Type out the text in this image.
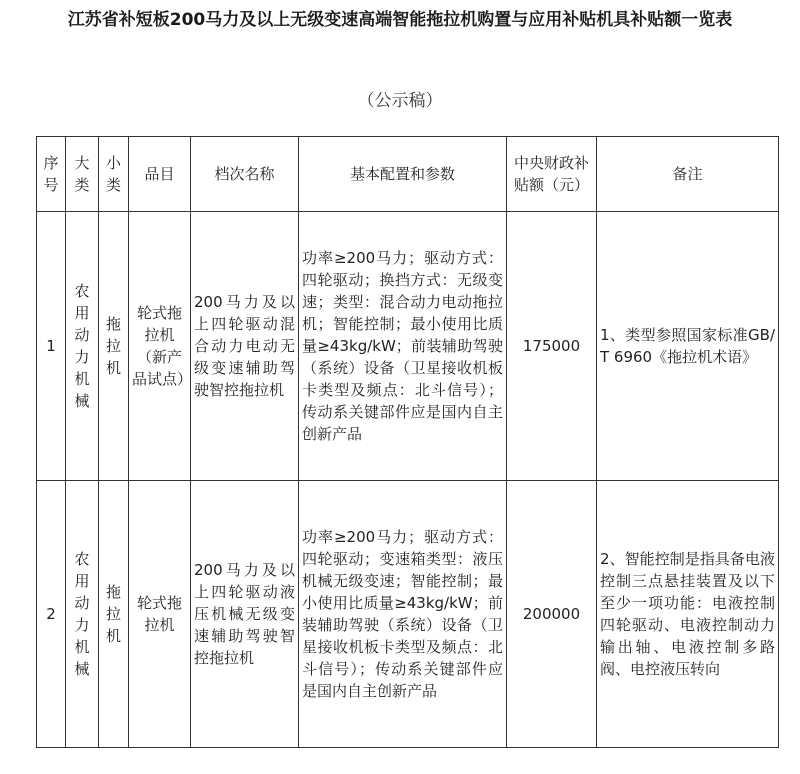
江苏省补短板200马力及以上无级变速高端智能拖拉机购置与应用补贴机具补贴额一览表
（公示稿）
序号	大类	小类	品目	档次名称	基本配置和参数	中央财政补贴额（元）	备注
1	农用动力机械	拖拉机	轮式拖拉机（新产品试点）	200马力及以上四轮驱动混合动力电动无级变速辅助驾驶智控拖拉机	功率≥200马力；驱动方式：四轮驱动；换挡方式：无级变速；类型：混合动力电动拖拉机；智能控制；最小使用比质量≥43kg/kW；前装辅助驾驶（系统）设备（卫星接收机板卡类型及频点：北斗信号）；传动系关键部件应是国内自主创新产品	175000	1、类型参照国家标准GB/T 6960《拖拉机术语》
2	农用动力机械	拖拉机	轮式拖拉机	200马力及以上四轮驱动液压机械无级变速辅助驾驶智控拖拉机	功率≥200马力；驱动方式：四轮驱动；变速箱类型：液压机械无级变速；智能控制；最小使用比质量≥43kg/kW；前装辅助驾驶（系统）设备（卫星接收机板卡类型及频点：北斗信号）；传动系关键部件应是国内自主创新产品	200000	2、智能控制是指具备电液控制三点悬挂装置及以下至少一项功能：电液控制四轮驱动、电液控制动力输出轴、电液控制多路阀、电控液压转向
